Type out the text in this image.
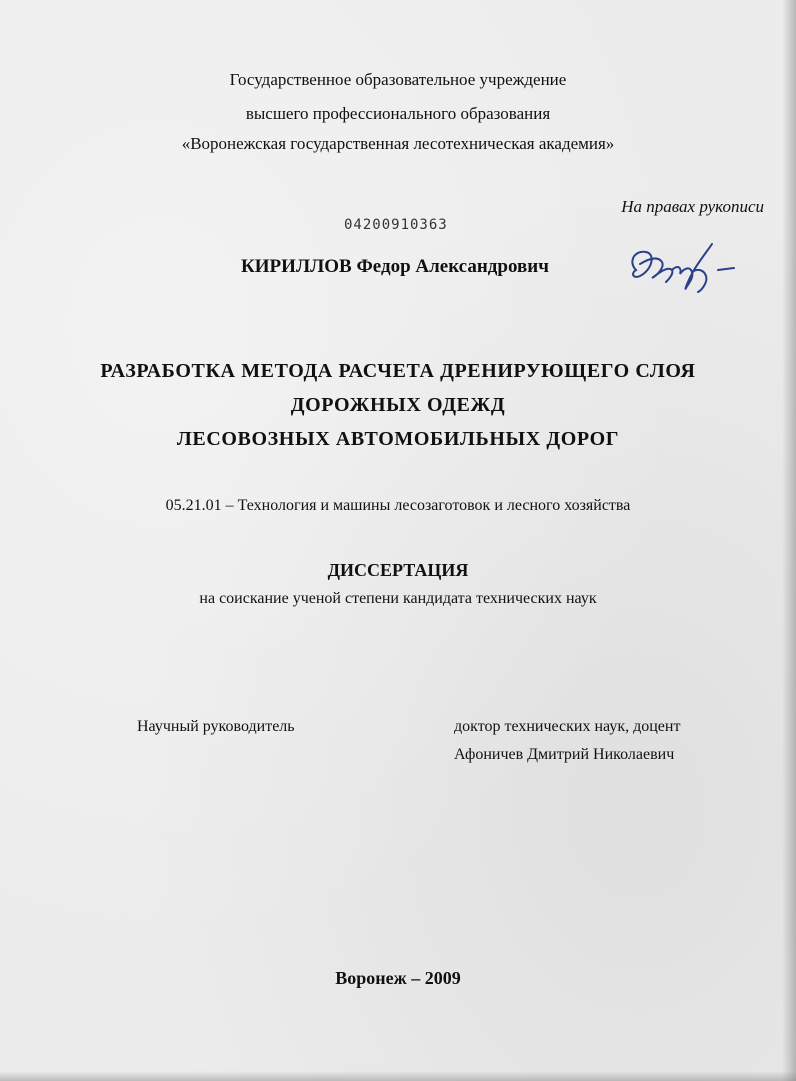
Государственное образовательное учреждение
высшего профессионального образования
«Воронежская государственная лесотехническая академия»
На правах рукописи
04200910363
КИРИЛЛОВ Федор Александрович
РАЗРАБОТКА МЕТОДА РАСЧЕТА ДРЕНИРУЮЩЕГО СЛОЯ
ДОРОЖНЫХ ОДЕЖД
ЛЕСОВОЗНЫХ АВТОМОБИЛЬНЫХ ДОРОГ
05.21.01 – Технология и машины лесозаготовок и лесного хозяйства
ДИССЕРТАЦИЯ
на соискание ученой степени кандидата технических наук
Научный руководитель	доктор технических наук, доцент
Афоничев Дмитрий Николаевич
Воронеж – 2009
